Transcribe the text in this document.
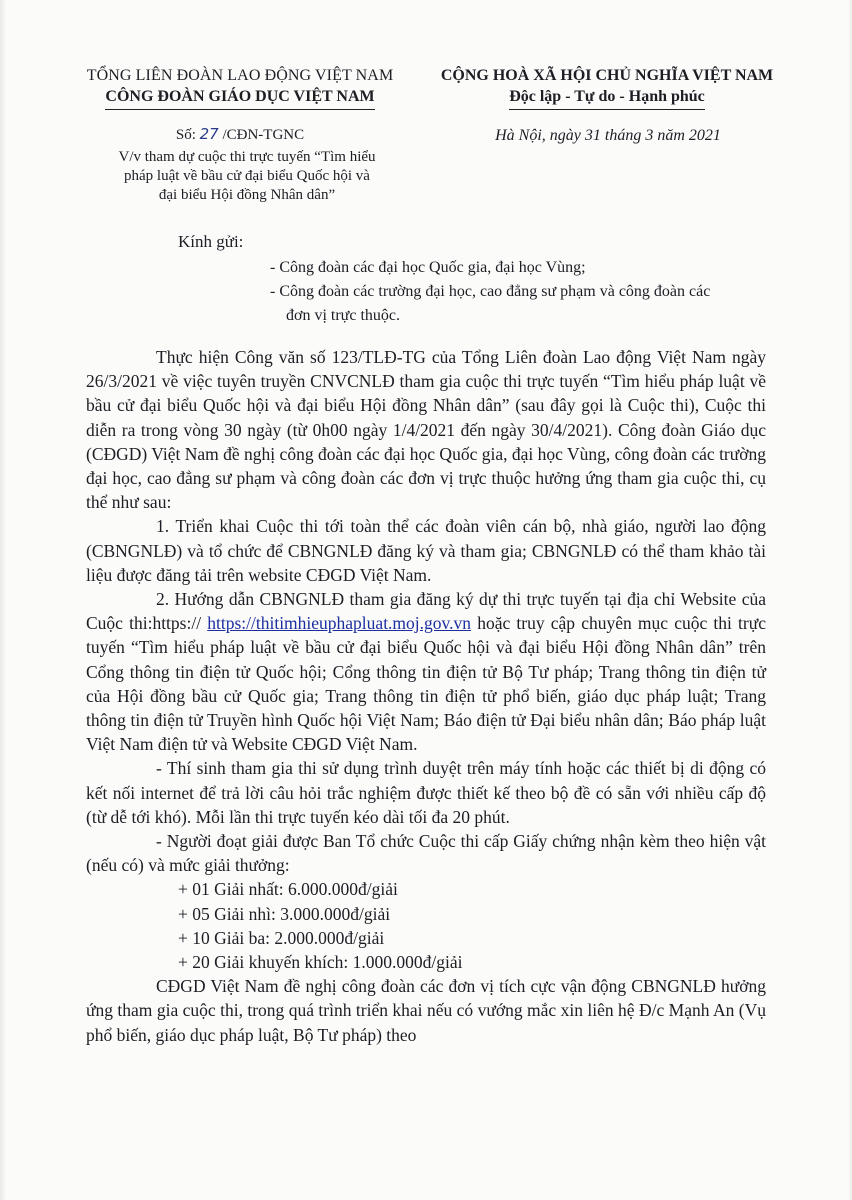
TỔNG LIÊN ĐOÀN LAO ĐỘNG VIỆT NAM
CÔNG ĐOÀN GIÁO DỤC VIỆT NAM
CỘNG HOÀ XÃ HỘI CHỦ NGHĨA VIỆT NAM
Độc lập - Tự do - Hạnh phúc
Số: 27 /CĐN-TGNC
V/v tham dự cuộc thi trực tuyến “Tìm hiểu pháp luật về bầu cử đại biểu Quốc hội và đại biểu Hội đồng Nhân dân”
Hà Nội, ngày 31 tháng 3 năm 2021
Kính gửi:
- Công đoàn các đại học Quốc gia, đại học Vùng;
- Công đoàn các trường đại học, cao đẳng sư phạm và công đoàn các
đơn vị trực thuộc.

Thực hiện Công văn số 123/TLĐ-TG của Tổng Liên đoàn Lao động Việt Nam ngày 26/3/2021 về việc tuyên truyền CNVCNLĐ tham gia cuộc thi trực tuyến “Tìm hiểu pháp luật về bầu cử đại biểu Quốc hội và đại biểu Hội đồng Nhân dân” (sau đây gọi là Cuộc thi), Cuộc thi diễn ra trong vòng 30 ngày (từ 0h00 ngày 1/4/2021 đến ngày 30/4/2021). Công đoàn Giáo dục (CĐGD) Việt Nam đề nghị công đoàn các đại học Quốc gia, đại học Vùng, công đoàn các trường đại học, cao đẳng sư phạm và công đoàn các đơn vị trực thuộc hưởng ứng tham gia cuộc thi, cụ thể như sau:

1. Triển khai Cuộc thi tới toàn thể các đoàn viên cán bộ, nhà giáo, người lao động (CBNGNLĐ) và tổ chức để CBNGNLĐ đăng ký và tham gia; CBNGNLĐ có thể tham khảo tài liệu được đăng tải trên website CĐGD Việt Nam.

2. Hướng dẫn CBNGNLĐ tham gia đăng ký dự thi trực tuyến tại địa chỉ Website của Cuộc thi:https:// https://thitimhieuphapluat.moj.gov.vn hoặc truy cập chuyên mục cuộc thi trực tuyến “Tìm hiểu pháp luật về bầu cử đại biểu Quốc hội và đại biểu Hội đồng Nhân dân” trên Cổng thông tin điện tử Quốc hội; Cổng thông tin điện tử Bộ Tư pháp; Trang thông tin điện tử của Hội đồng bầu cử Quốc gia; Trang thông tin điện tử phổ biến, giáo dục pháp luật; Trang thông tin điện tử Truyền hình Quốc hội Việt Nam; Báo điện tử Đại biểu nhân dân; Báo pháp luật Việt Nam điện tử và Website CĐGD Việt Nam.

- Thí sinh tham gia thi sử dụng trình duyệt trên máy tính hoặc các thiết bị di động có kết nối internet để trả lời câu hỏi trắc nghiệm được thiết kế theo bộ đề có sẵn với nhiều cấp độ (từ dễ tới khó). Mỗi lần thi trực tuyến kéo dài tối đa 20 phút.

- Người đoạt giải được Ban Tổ chức Cuộc thi cấp Giấy chứng nhận kèm theo hiện vật (nếu có) và mức giải thưởng:

+ 01 Giải nhất: 6.000.000đ/giải
+ 05 Giải nhì: 3.000.000đ/giải
+ 10 Giải ba: 2.000.000đ/giải
+ 20 Giải khuyến khích: 1.000.000đ/giải

CĐGD Việt Nam đề nghị công đoàn các đơn vị tích cực vận động CBNGNLĐ hưởng ứng tham gia cuộc thi, trong quá trình triển khai nếu có vướng mắc xin liên hệ Đ/c Mạnh An (Vụ phổ biến, giáo dục pháp luật, Bộ Tư pháp) theo
